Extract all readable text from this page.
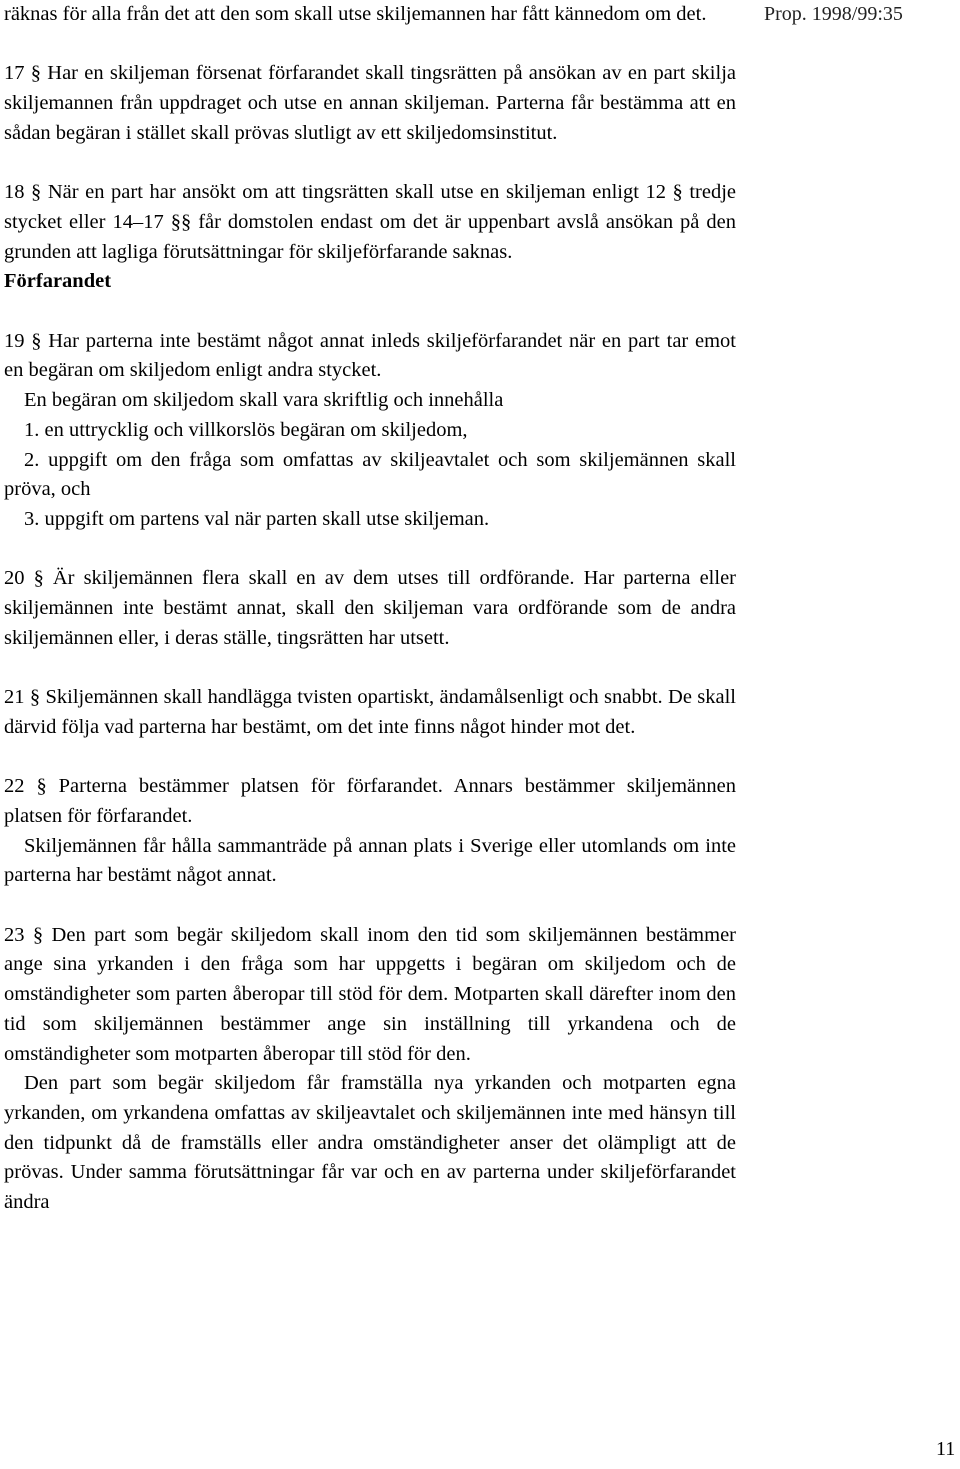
Prop. 1998/99:35

räknas för alla från det att den som skall utse skiljemannen har fått kännedom om det.

17 § Har en skiljeman försenat förfarandet skall tingsrätten på ansökan av en part skilja skiljemannen från uppdraget och utse en annan skiljeman. Parterna får bestämma att en sådan begäran i stället skall prövas slutligt av ett skiljedomsinstitut.

18 § När en part har ansökt om att tingsrätten skall utse en skiljeman enligt 12 § tredje stycket eller 14–17 §§ får domstolen endast om det är uppenbart avslå ansökan på den grunden att lagliga förutsättningar för skiljeförfarande saknas.

Förfarandet

19 § Har parterna inte bestämt något annat inleds skiljeförfarandet när en part tar emot en begäran om skiljedom enligt andra stycket.

En begäran om skiljedom skall vara skriftlig och innehålla

1. en uttrycklig och villkorslös begäran om skiljedom,

2. uppgift om den fråga som omfattas av skiljeavtalet och som skiljemännen skall pröva, och

3. uppgift om partens val när parten skall utse skiljeman.

20 § Är skiljemännen flera skall en av dem utses till ordförande. Har parterna eller skiljemännen inte bestämt annat, skall den skiljeman vara ordförande som de andra skiljemännen eller, i deras ställe, tingsrätten har utsett.

21 § Skiljemännen skall handlägga tvisten opartiskt, ändamålsenligt och snabbt. De skall därvid följa vad parterna har bestämt, om det inte finns något hinder mot det.

22 § Parterna bestämmer platsen för förfarandet. Annars bestämmer skiljemännen platsen för förfarandet.

Skiljemännen får hålla sammanträde på annan plats i Sverige eller utomlands om inte parterna har bestämt något annat.

23 § Den part som begär skiljedom skall inom den tid som skiljemännen bestämmer ange sina yrkanden i den fråga som har uppgetts i begäran om skiljedom och de omständigheter som parten åberopar till stöd för dem. Motparten skall därefter inom den tid som skiljemännen bestämmer ange sin inställning till yrkandena och de omständigheter som motparten åberopar till stöd för den.

Den part som begär skiljedom får framställa nya yrkanden och motparten egna yrkanden, om yrkandena omfattas av skiljeavtalet och skiljemännen inte med hänsyn till den tidpunkt då de framställs eller andra omständigheter anser det olämpligt att de prövas. Under samma förutsättningar får var och en av parterna under skiljeförfarandet ändra

11
